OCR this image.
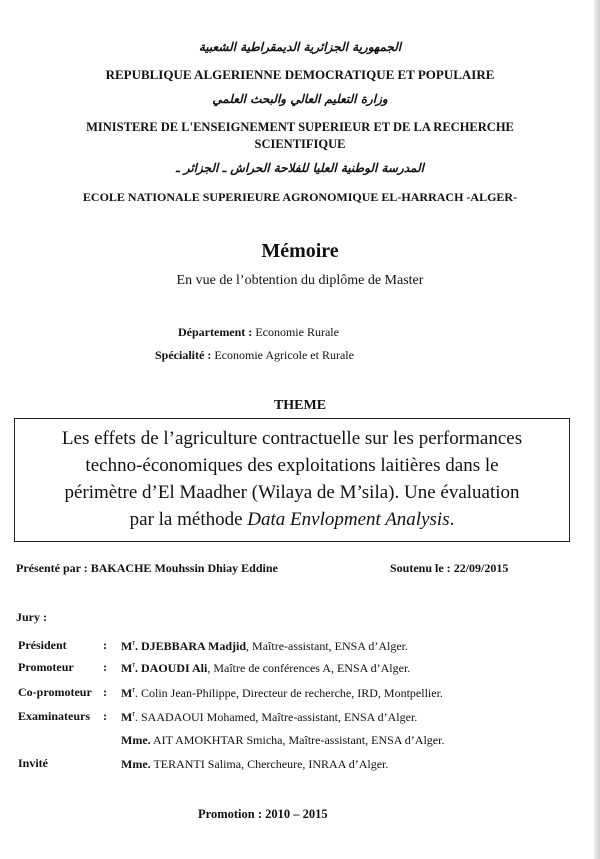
الجمهورية الجزائرية الديمقراطية الشعبية
REPUBLIQUE ALGERIENNE DEMOCRATIQUE ET POPULAIRE
وزارة التعليم العالي والبحث العلمي
MINISTERE DE L'ENSEIGNEMENT SUPERIEUR ET DE LA RECHERCHE
SCIENTIFIQUE
المدرسة الوطنية العليا للفلاحة الحراش ـ الجزائر ـ
ECOLE NATIONALE SUPERIEURE AGRONOMIQUE EL-HARRACH -ALGER-
Mémoire
En vue de l’obtention du diplôme de Master
Département : Economie Rurale
Spécialité : Economie Agricole et Rurale
THEME
Les effets de l’agriculture contractuelle sur les performances
techno-économiques des exploitations laitières dans le
périmètre d’El Maadher (Wilaya de M’sila). Une évaluation
par la méthode Data Envlopment Analysis.
Présenté par : BAKACHE Mouhssin Dhiay Eddine	Soutenu le : 22/09/2015
Jury :
Président	: $M^r$. DJEBBARA Madjid, Maître-assistant, ENSA d’Alger.
Promoteur : $M^r$. DAOUDI Ali, Maître de conférences A, ENSA d’Alger.
Co-promoteur : $M^r$. Colin Jean-Philippe, Directeur de recherche, IRD, Montpellier.
Examinateurs : $M^r$. SAADAOUI Mohamed, Maître-assistant, ENSA d’Alger.
Mme. AIT AMOKHTAR Smicha, Maître-assistant, ENSA d’Alger.
Invité	Mme. TERANTI Salima, Chercheure, INRAA d’Alger.
Promotion : 2010 – 2015
